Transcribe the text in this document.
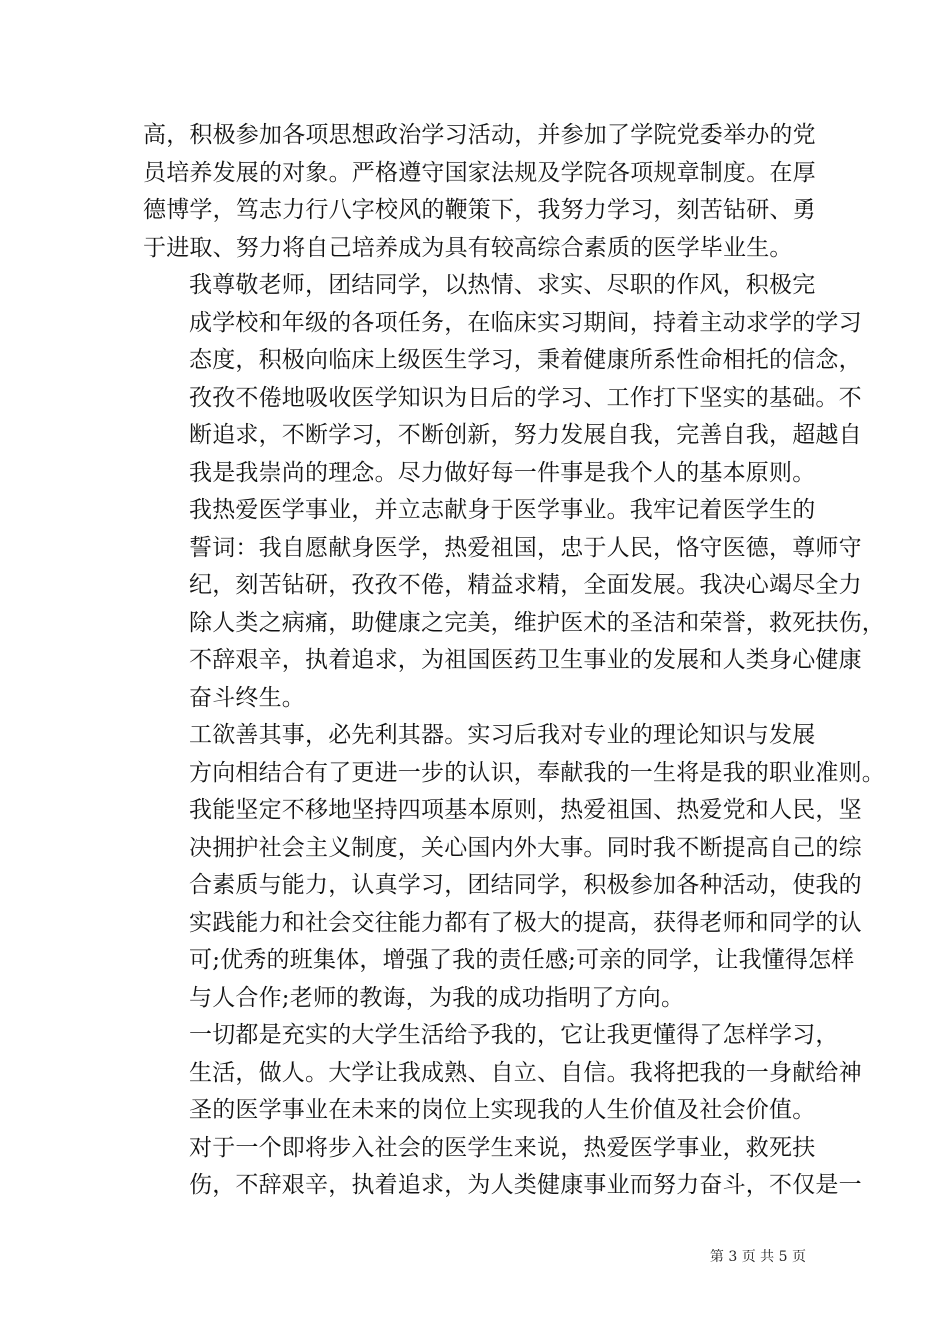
高，积极参加各项思想政治学习活动，并参加了学院党委举办的党
员培养发展的对象。严格遵守国家法规及学院各项规章制度。在厚
德博学，笃志力行八字校风的鞭策下，我努力学习，刻苦钻研、勇
于进取、努力将自己培养成为具有较高综合素质的医学毕业生。

我尊敬老师，团结同学，以热情、求实、尽职的作风，积极完
成学校和年级的各项任务，在临床实习期间，持着主动求学的学习
态度，积极向临床上级医生学习，秉着健康所系性命相托的信念，
孜孜不倦地吸收医学知识为日后的学习、工作打下坚实的基础。不
断追求，不断学习，不断创新，努力发展自我，完善自我，超越自
我是我崇尚的理念。尽力做好每一件事是我个人的基本原则。

我热爱医学事业，并立志献身于医学事业。我牢记着医学生的
誓词：我自愿献身医学，热爱祖国，忠于人民，恪守医德，尊师守
纪，刻苦钻研，孜孜不倦，精益求精，全面发展。我决心竭尽全力
除人类之病痛，助健康之完美，维护医术的圣洁和荣誉，救死扶伤，
不辞艰辛，执着追求，为祖国医药卫生事业的发展和人类身心健康
奋斗终生。

工欲善其事，必先利其器。实习后我对专业的理论知识与发展
方向相结合有了更进一步的认识，奉献我的一生将是我的职业准则。
我能坚定不移地坚持四项基本原则，热爱祖国、热爱党和人民，坚
决拥护社会主义制度，关心国内外大事。同时我不断提高自己的综
合素质与能力，认真学习，团结同学，积极参加各种活动，使我的
实践能力和社会交往能力都有了极大的提高，获得老师和同学的认
可;优秀的班集体，增强了我的责任感;可亲的同学，让我懂得怎样
与人合作;老师的教诲，为我的成功指明了方向。

一切都是充实的大学生活给予我的，它让我更懂得了怎样学习，
生活，做人。大学让我成熟、自立、自信。我将把我的一身献给神
圣的医学事业在未来的岗位上实现我的人生价值及社会价值。

对于一个即将步入社会的医学生来说，热爱医学事业，救死扶
伤，不辞艰辛，执着追求，为人类健康事业而努力奋斗，不仅是一

第 3 页 共 5 页
